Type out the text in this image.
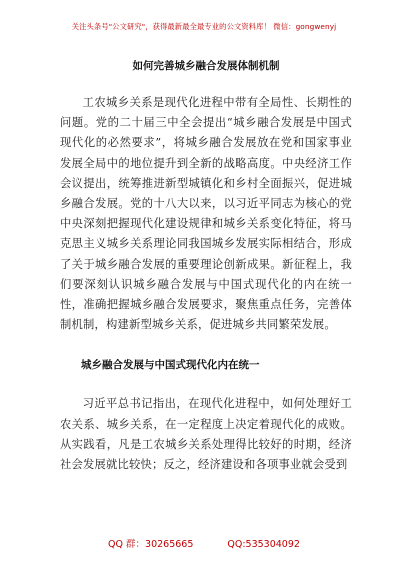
关注头条号"公文研究"，获得最新最全最专业的公文资料库！ 微信：gongwenyj
如何完善城乡融合发展体制机制

工农城乡关系是现代化进程中带有全局性、长期性的问题。党的二十届三中全会提出“城乡融合发展是中国式现代化的必然要求”，将城乡融合发展放在党和国家事业发展全局中的地位提升到全新的战略高度。中央经济工作会议提出，统筹推进新型城镇化和乡村全面振兴，促进城乡融合发展。党的十八大以来，以习近平同志为核心的党中央深刻把握现代化建设规律和城乡关系变化特征，将马克思主义城乡关系理论同我国城乡发展实际相结合，形成了关于城乡融合发展的重要理论创新成果。新征程上，我们要深刻认识城乡融合发展与中国式现代化的内在统一性，准确把握城乡融合发展要求，聚焦重点任务，完善体制机制，构建新型城乡关系，促进城乡共同繁荣发展。

城乡融合发展与中国式现代化内在统一

习近平总书记指出，在现代化进程中，如何处理好工农关系、城乡关系，在一定程度上决定着现代化的成败。从实践看，凡是工农城乡关系处理得比较好的时期，经济社会发展就比较快；反之，经济建设和各项事业就会受到

QQ 群：30265665	QQ:535304092
